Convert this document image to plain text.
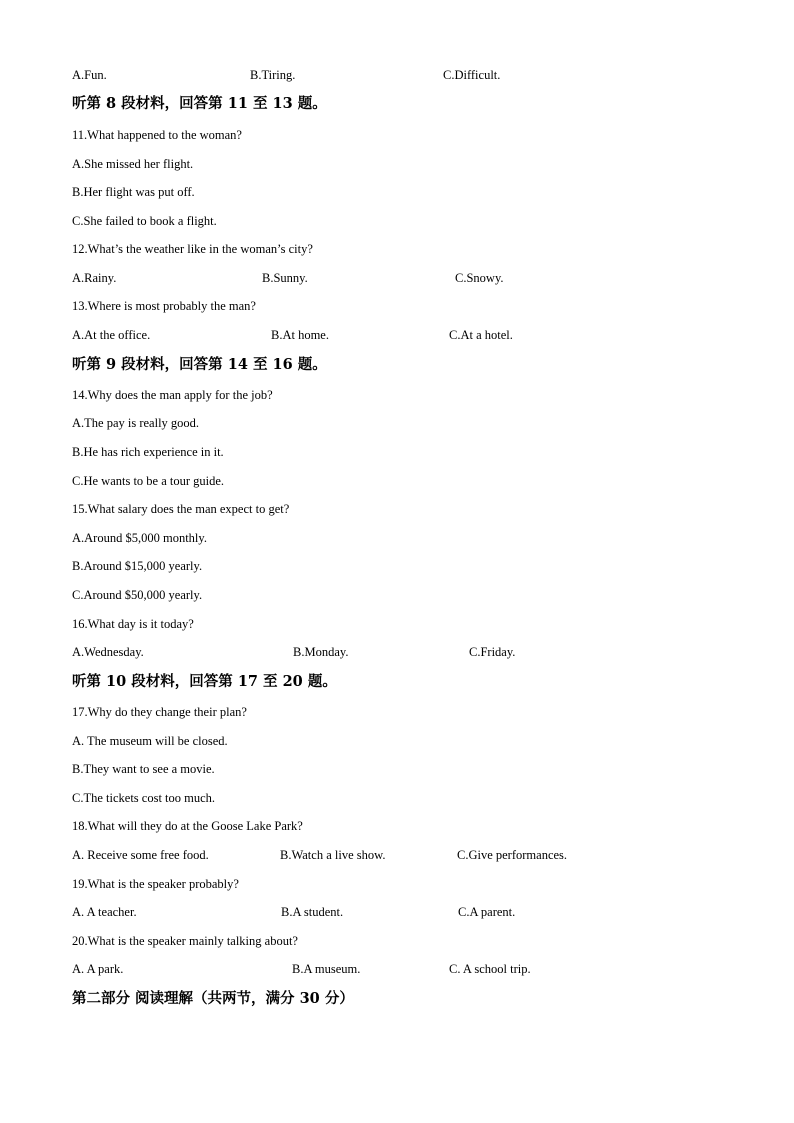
A.Fun.	B.Tiring.	C.Difficult.
听第 8 段材料，回答第 11 至 13 题。
11.What happened to the woman?
A.She missed her flight.
B.Her flight was put off.
C.She failed to book a flight.
12.What’s the weather like in the woman’s city?
A.Rainy.	B.Sunny.	C.Snowy.
13.Where is most probably the man?
A.At the office.	B.At home.	C.At a hotel.
听第 9 段材料，回答第 14 至 16 题。
14.Why does the man apply for the job?
A.The pay is really good.
B.He has rich experience in it.
C.He wants to be a tour guide.
15.What salary does the man expect to get?
A.Around $5,000 monthly.
B.Around $15,000 yearly.
C.Around $50,000 yearly.
16.What day is it today?
A.Wednesday.	B.Monday.	C.Friday.
听第 10 段材料，回答第 17 至 20 题。
17.Why do they change their plan?
A. The museum will be closed.
B.They want to see a movie.
C.The tickets cost too much.
18.What will they do at the Goose Lake Park?
A. Receive some free food.	B.Watch a live show.	C.Give performances.
19.What is the speaker probably?
A. A teacher.	B.A student.	C.A parent.
20.What is the speaker mainly talking about?
A. A park.	B.A museum.	C. A school trip.
第二部分 阅读理解（共两节，满分 30 分）
